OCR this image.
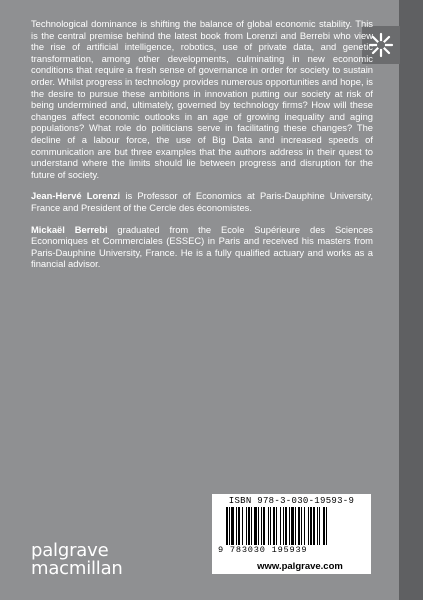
Technological dominance is shifting the balance of global economic stability. This is the central premise behind the latest book from Lorenzi and Berrebi who view the rise of artificial intelligence, robotics, use of private data, and genetic transformation, among other developments, culminating in new economic conditions that require a fresh sense of governance in order for society to sustain order. Whilst progress in technology provides numerous opportunities and hope, is the desire to pursue these ambitions in innovation putting our society at risk of being undermined and, ultimately, governed by technology firms? How will these changes affect economic outlooks in an age of growing inequality and aging populations? What role do politicians serve in facilitating these changes? The decline of a labour force, the use of Big Data and increased speeds of communication are but three examples that the authors address in their quest to understand where the limits should lie between progress and disruption for the future of society.

Jean-Hervé Lorenzi is Professor of Economics at Paris-Dauphine University, France and President of the Cercle des économistes.

Mickaël Berrebi graduated from the Ecole Supérieure des Sciences Economiques et Commerciales (ESSEC) in Paris and received his masters from Paris-Dauphine University, France. He is a fully qualified actuary and works as a financial advisor.

ISBN 978-3-030-19593-9
9 783030 195939
www.palgrave.com
palgrave
macmillan
